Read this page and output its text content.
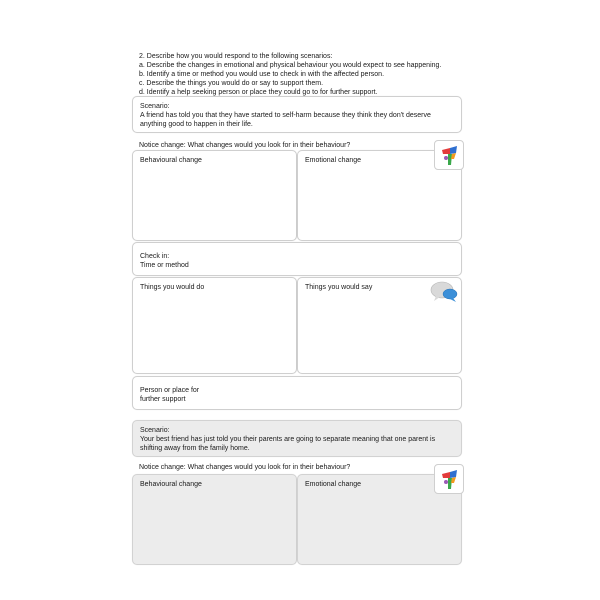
2. Describe how you would respond to the following scenarios:
a. Describe the changes in emotional and physical behaviour you would expect to see happening.
b. Identify a time or method you would use to check in with the affected person.
c. Describe the things you would do or say to support them.
d. Identify a help seeking person or place they could go to for further support.
Scenario:
A friend has told you that they have started to self-harm because they think they don't deserve
anything good to happen in their life.
Notice change: What changes would you look for in their behaviour?
Behavioural change	Emotional change
Check in:
Time or method
Things you would do	Things you would say
Person or place for
further support
Scenario:
Your best friend has just told you their parents are going to separate meaning that one parent is
shifting away from the family home.
Notice change: What changes would you look for in their behaviour?
Behavioural change	Emotional change
